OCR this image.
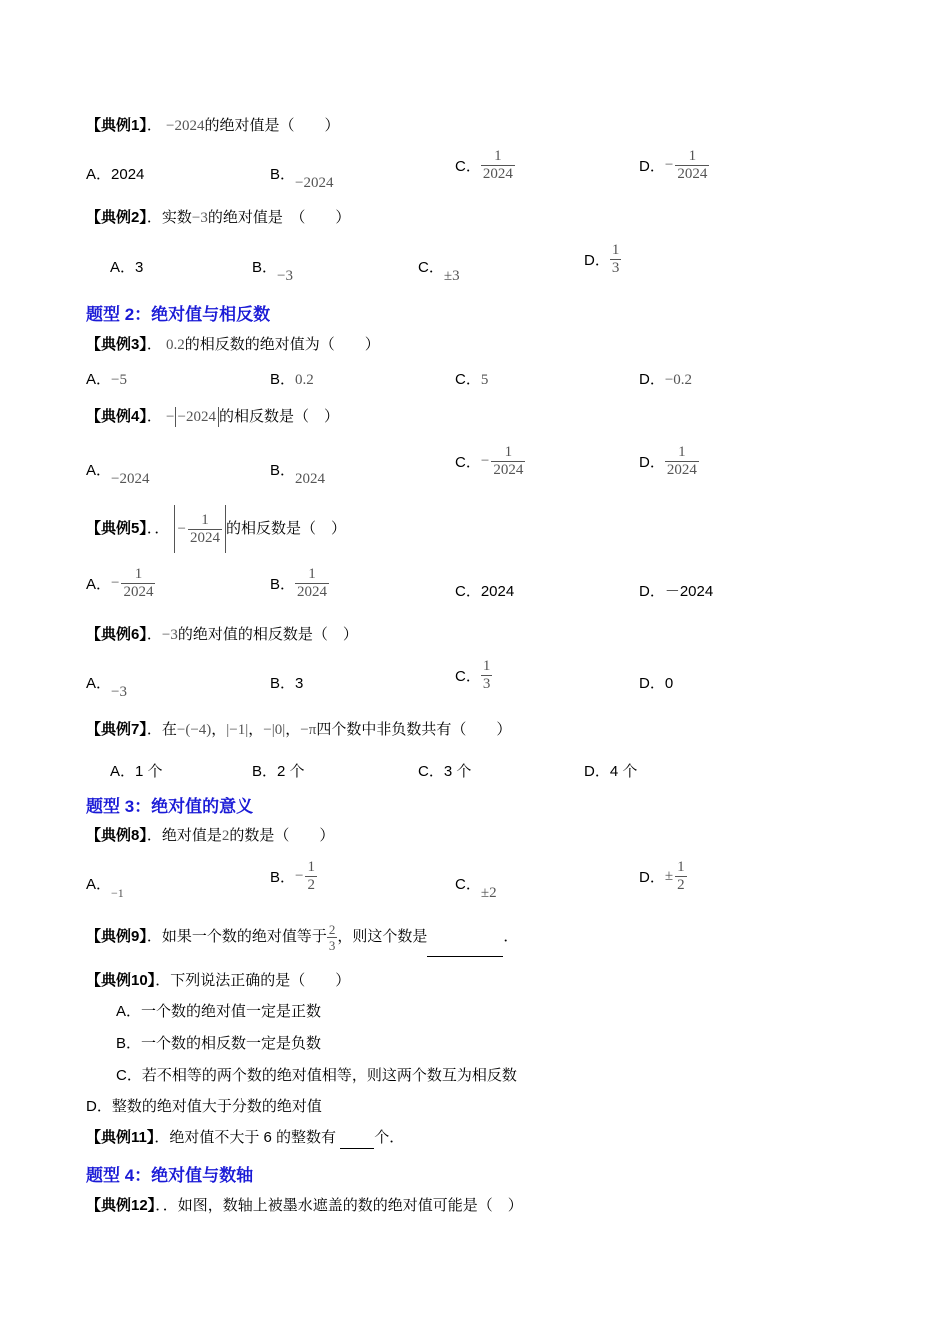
【典例1】． −2024的绝对值是（　　）
A．2024	B．−2024
C． $\frac{1}{2024}$	D．− $\frac{1}{2024}$
【典例2】．实数−3的绝对值是　（　　）
A．3	B．−3	C．±3
D． $\frac{1}{3}$
题型 2：绝对值与相反数
【典例3】． 0.2的相反数的绝对值为（　　）
A．−5	B．0.2	C．5	D．−0.2
【典例4】． − −2024 的相反数是（　）
A．−2024	B．2024
C．− $\frac{1}{2024}$	D． $\frac{1}{2024}$
【典例5】．． − $\frac{1}{2024}$ 的相反数是（　）
A．− $\frac{1}{2024}$	B． $\frac{1}{2024}$	C．2024	D．－2024
【典例6】．−3的绝对值的相反数是（　）
A．−3	B．3	C． $\frac{1}{3}$	D．0
【典例7】．在−(−4)，|−1|，−|0|，−π四个数中非负数共有（　　）
A．1 个	B．2 个	C．3 个	D．4 个
题型 3：绝对值的意义
【典例8】．绝对值是2的数是（　　）
A．$_{-1}$
B．− $\frac{1}{2}$	C．±2
D．± $\frac{1}{2}$
【典例9】．如果一个数的绝对值等于 $\frac{2}{3}$ ，则这个数是	．
【典例10】．下列说法正确的是（　　）
A．一个数的绝对值一定是正数
B．一个数的相反数一定是负数
C．若不相等的两个数的绝对值相等，则这两个数互为相反数
D．整数的绝对值大于分数的绝对值
【典例11】．绝对值不大于 6 的整数有	个．
题型 4：绝对值与数轴
【典例12】．．如图，数轴上被墨水遮盖的数的绝对值可能是（　）
